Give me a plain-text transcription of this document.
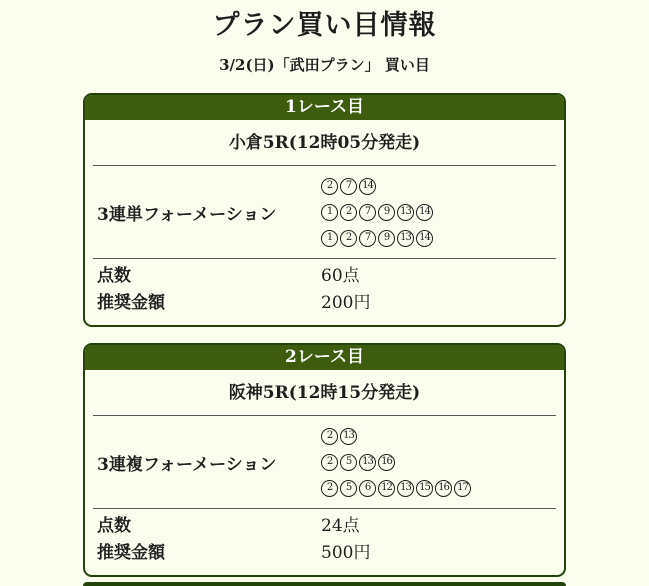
プラン買い目情報
3/2(日)「武田プラン」 買い目
1レース目
小倉5R(12時05分発走)
3連単フォーメーション
2	7	14
1	2	7	9	13 14
1	2	7	9	13 14
点数	60点
推奨金額	200円
2レース目
阪神5R(12時15分発走)
3連複フォーメーション
2	13
2	5	13 16
2	5	6	12 13 15 16 17
点数	24点
推奨金額	500円
